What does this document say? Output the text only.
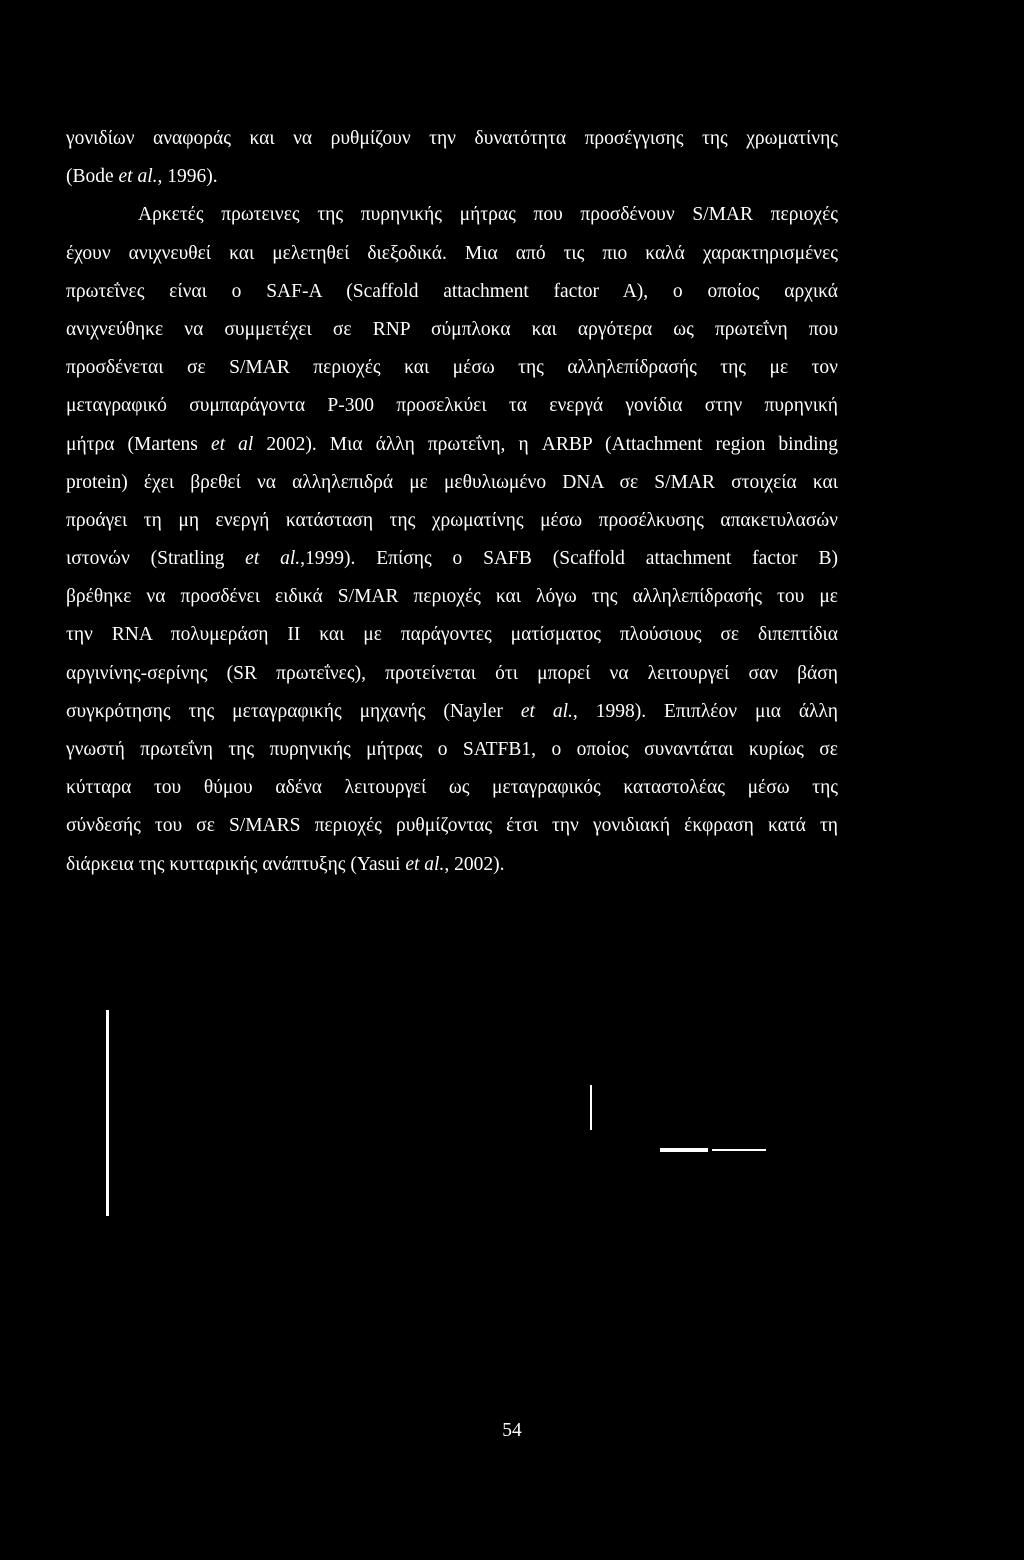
γονιδίων αναφοράς και να ρυθμίζουν την δυνατότητα προσέγγισης της χρωματίνης
(Bode et al., 1996).
Αρκετές πρωτεινες της πυρηνικής μήτρας που προσδένουν S/MAR περιοχές
έχουν ανιχνευθεί και μελετηθεί διεξοδικά. Μια από τις πιο καλά χαρακτηρισμένες
πρωτεΐνες είναι ο SAF-A (Scaffold attachment factor A), ο οποίος αρχικά
ανιχνεύθηκε να συμμετέχει σε RNP σύμπλοκα και αργότερα ως πρωτεΐνη που
προσδένεται σε S/MAR περιοχές και μέσω της αλληλεπίδρασής της με τον
μεταγραφικό συμπαράγοντα P-300 προσελκύει τα ενεργά γονίδια στην πυρηνική
μήτρα (Martens et al 2002). Μια άλλη πρωτεΐνη, η ARBP (Attachment region binding
protein) έχει βρεθεί να αλληλεπιδρά με μεθυλιωμένο DNA σε S/MAR στοιχεία και
προάγει τη μη ενεργή κατάσταση της χρωματίνης μέσω προσέλκυσης απακετυλασών
ιστονών (Stratling et al.,1999). Επίσης ο SAFB (Scaffold attachment factor B)
βρέθηκε να προσδένει ειδικά S/MAR περιοχές και λόγω της αλληλεπίδρασής του με
την RNA πολυμεράση II και με παράγοντες ματίσματος πλούσιους σε διπεπτίδια
αργινίνης-σερίνης (SR πρωτεΐνες), προτείνεται ότι μπορεί να λειτουργεί σαν βάση
συγκρότησης της μεταγραφικής μηχανής (Nayler et al., 1998). Επιπλέον μια άλλη
γνωστή πρωτεΐνη της πυρηνικής μήτρας ο SATFB1, ο οποίος συναντάται κυρίως σε
κύτταρα του θύμου αδένα λειτουργεί ως μεταγραφικός καταστολέας μέσω της
σύνδεσής του σε S/MARS περιοχές ρυθμίζοντας έτσι την γονιδιακή έκφραση κατά τη
διάρκεια της κυτταρικής ανάπτυξης (Yasui et al., 2002).
54
